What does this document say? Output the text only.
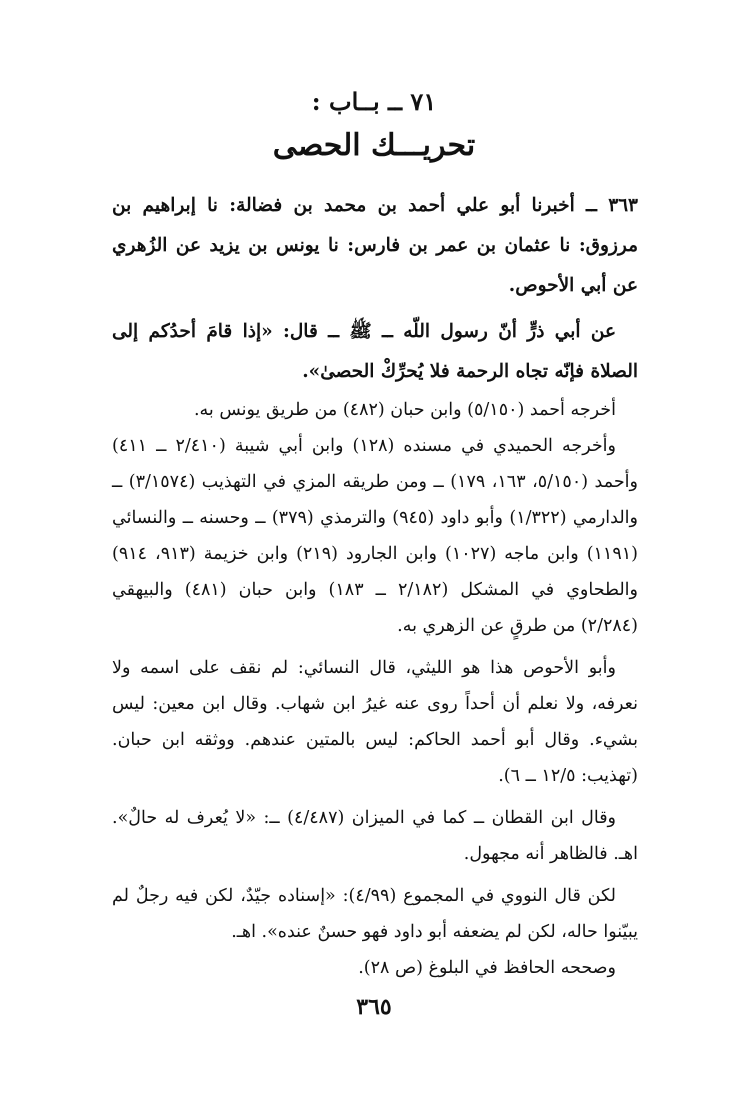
٧١ ــ بــاب :
تحريـــك الحصى

٣٦٣ ــ أخبرنا أبو علي أحمد بن محمد بن فضالة: نا إبراهيم بن مرزوق: نا عثمان بن عمر بن فارس: نا يونس بن يزيد عن الزُهري عن أبي الأحوص.

عن أبي ذرٍّ أنّ رسول اللّه ــ ﷺ ــ قال: «إذا قامَ أحدُكم إلى الصلاة فإنّه تجاه الرحمة فلا يُحرِّكْ الحصىٰ».

أخرجه أحمد (٥/١٥٠) وابن حبان (٤٨٢) من طريق يونس به.

وأخرجه الحميدي في مسنده (١٢٨) وابن أبي شيبة (٢/٤١٠ ــ ٤١١) وأحمد (٥/١٥٠، ١٦٣، ١٧٩) ــ ومن طريقه المزي في التهذيب (٣/١٥٧٤) ــ والدارمي (١/٣٢٢) وأبو داود (٩٤٥) والترمذي (٣٧٩) ــ وحسنه ــ والنسائي (١١٩١) وابن ماجه (١٠٢٧) وابن الجارود (٢١٩) وابن خزيمة (٩١٣، ٩١٤) والطحاوي في المشكل (٢/١٨٢ ــ ١٨٣) وابن حبان (٤٨١) والبيهقي (٢/٢٨٤) من طرقٍ عن الزهري به.

وأبو الأحوص هذا هو الليثي، قال النسائي: لم نقف على اسمه ولا نعرفه، ولا نعلم أن أحداً روى عنه غيرُ ابن شهاب. وقال ابن معين: ليس بشيء. وقال أبو أحمد الحاكم: ليس بالمتين عندهم. ووثقه ابن حبان. (تهذيب: ١٢/٥ ــ ٦).

وقال ابن القطان ــ كما في الميزان (٤/٤٨٧) ــ: «لا يُعرف له حالٌ». اهـ. فالظاهر أنه مجهول.

لكن قال النووي في المجموع (٤/٩٩): «إسناده جيّدٌ، لكن فيه رجلٌ لم يبيّنوا حاله، لكن لم يضعفه أبو داود فهو حسنٌ عنده». اهـ.

وصححه الحافظ في البلوغ (ص ٢٨).

٣٦٥
